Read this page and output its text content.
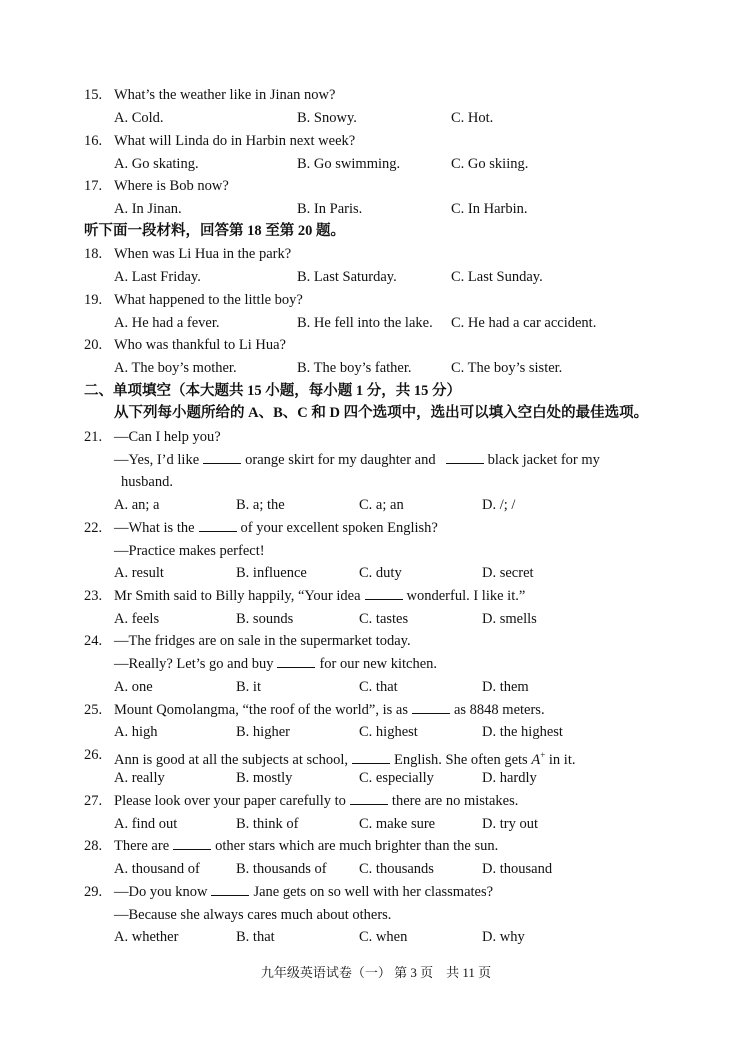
15. What’s the weather like in Jinan now?
A. Cold.	B. Snowy.	C. Hot.
16. What will Linda do in Harbin next week?
A. Go skating.	B. Go swimming.	C. Go skiing.
17. Where is Bob now?
A. In Jinan.	B. In Paris.	C. In Harbin.
听下面一段材料，回答第 18 至第 20 题。
18. When was Li Hua in the park?
A. Last Friday.	B. Last Saturday.	C. Last Sunday.
19. What happened to the little boy?
A. He had a fever.	B. He fell into the lake. C. He had a car accident.
20. Who was thankful to Li Hua?
A. The boy’s mother.	B. The boy’s father.	C. The boy’s sister.
二、单项填空（本大题共 15 小题，每小题 1 分，共 15 分）
从下列每小题所给的 A、B、C 和 D 四个选项中，选出可以填入空白处的最佳选项。
21. —Can I help you?
—Yes, I’d like	orange skirt for my daughter and	black jacket for my
husband.
A. an; a	B. a; the	C. a; an	D. /; /
22. —What is the	of your excellent spoken English?
—Practice makes perfect!
A. result	B. influence	C. duty	D. secret
23. Mr Smith said to Billy happily, “Your idea	wonderful. I like it.”
A. feels	B. sounds	C. tastes	D. smells
24. —The fridges are on sale in the supermarket today.
—Really? Let’s go and buy	for our new kitchen.
A. one	B. it	C. that	D. them
25. Mount Qomolangma, “the roof of the world”, is as	as 8848 meters.
A. high	B. higher	C. highest	D. the highest
26. Ann is good at all the subjects at school,	English. She often gets A+ in it.
A. really	B. mostly	C. especially	D. hardly
27. Please look over your paper carefully to	there are no mistakes.
A. find out	B. think of	C. make sure	D. try out
28. There are	other stars which are much brighter than the sun.
A. thousand of B. thousands of C. thousands	D. thousand
29. —Do you know	Jane gets on so well with her classmates?
—Because she always cares much about others.
A. whether	B. that	C. when	D. why
九年级英语试卷（一） 第 3 页　共 11 页
